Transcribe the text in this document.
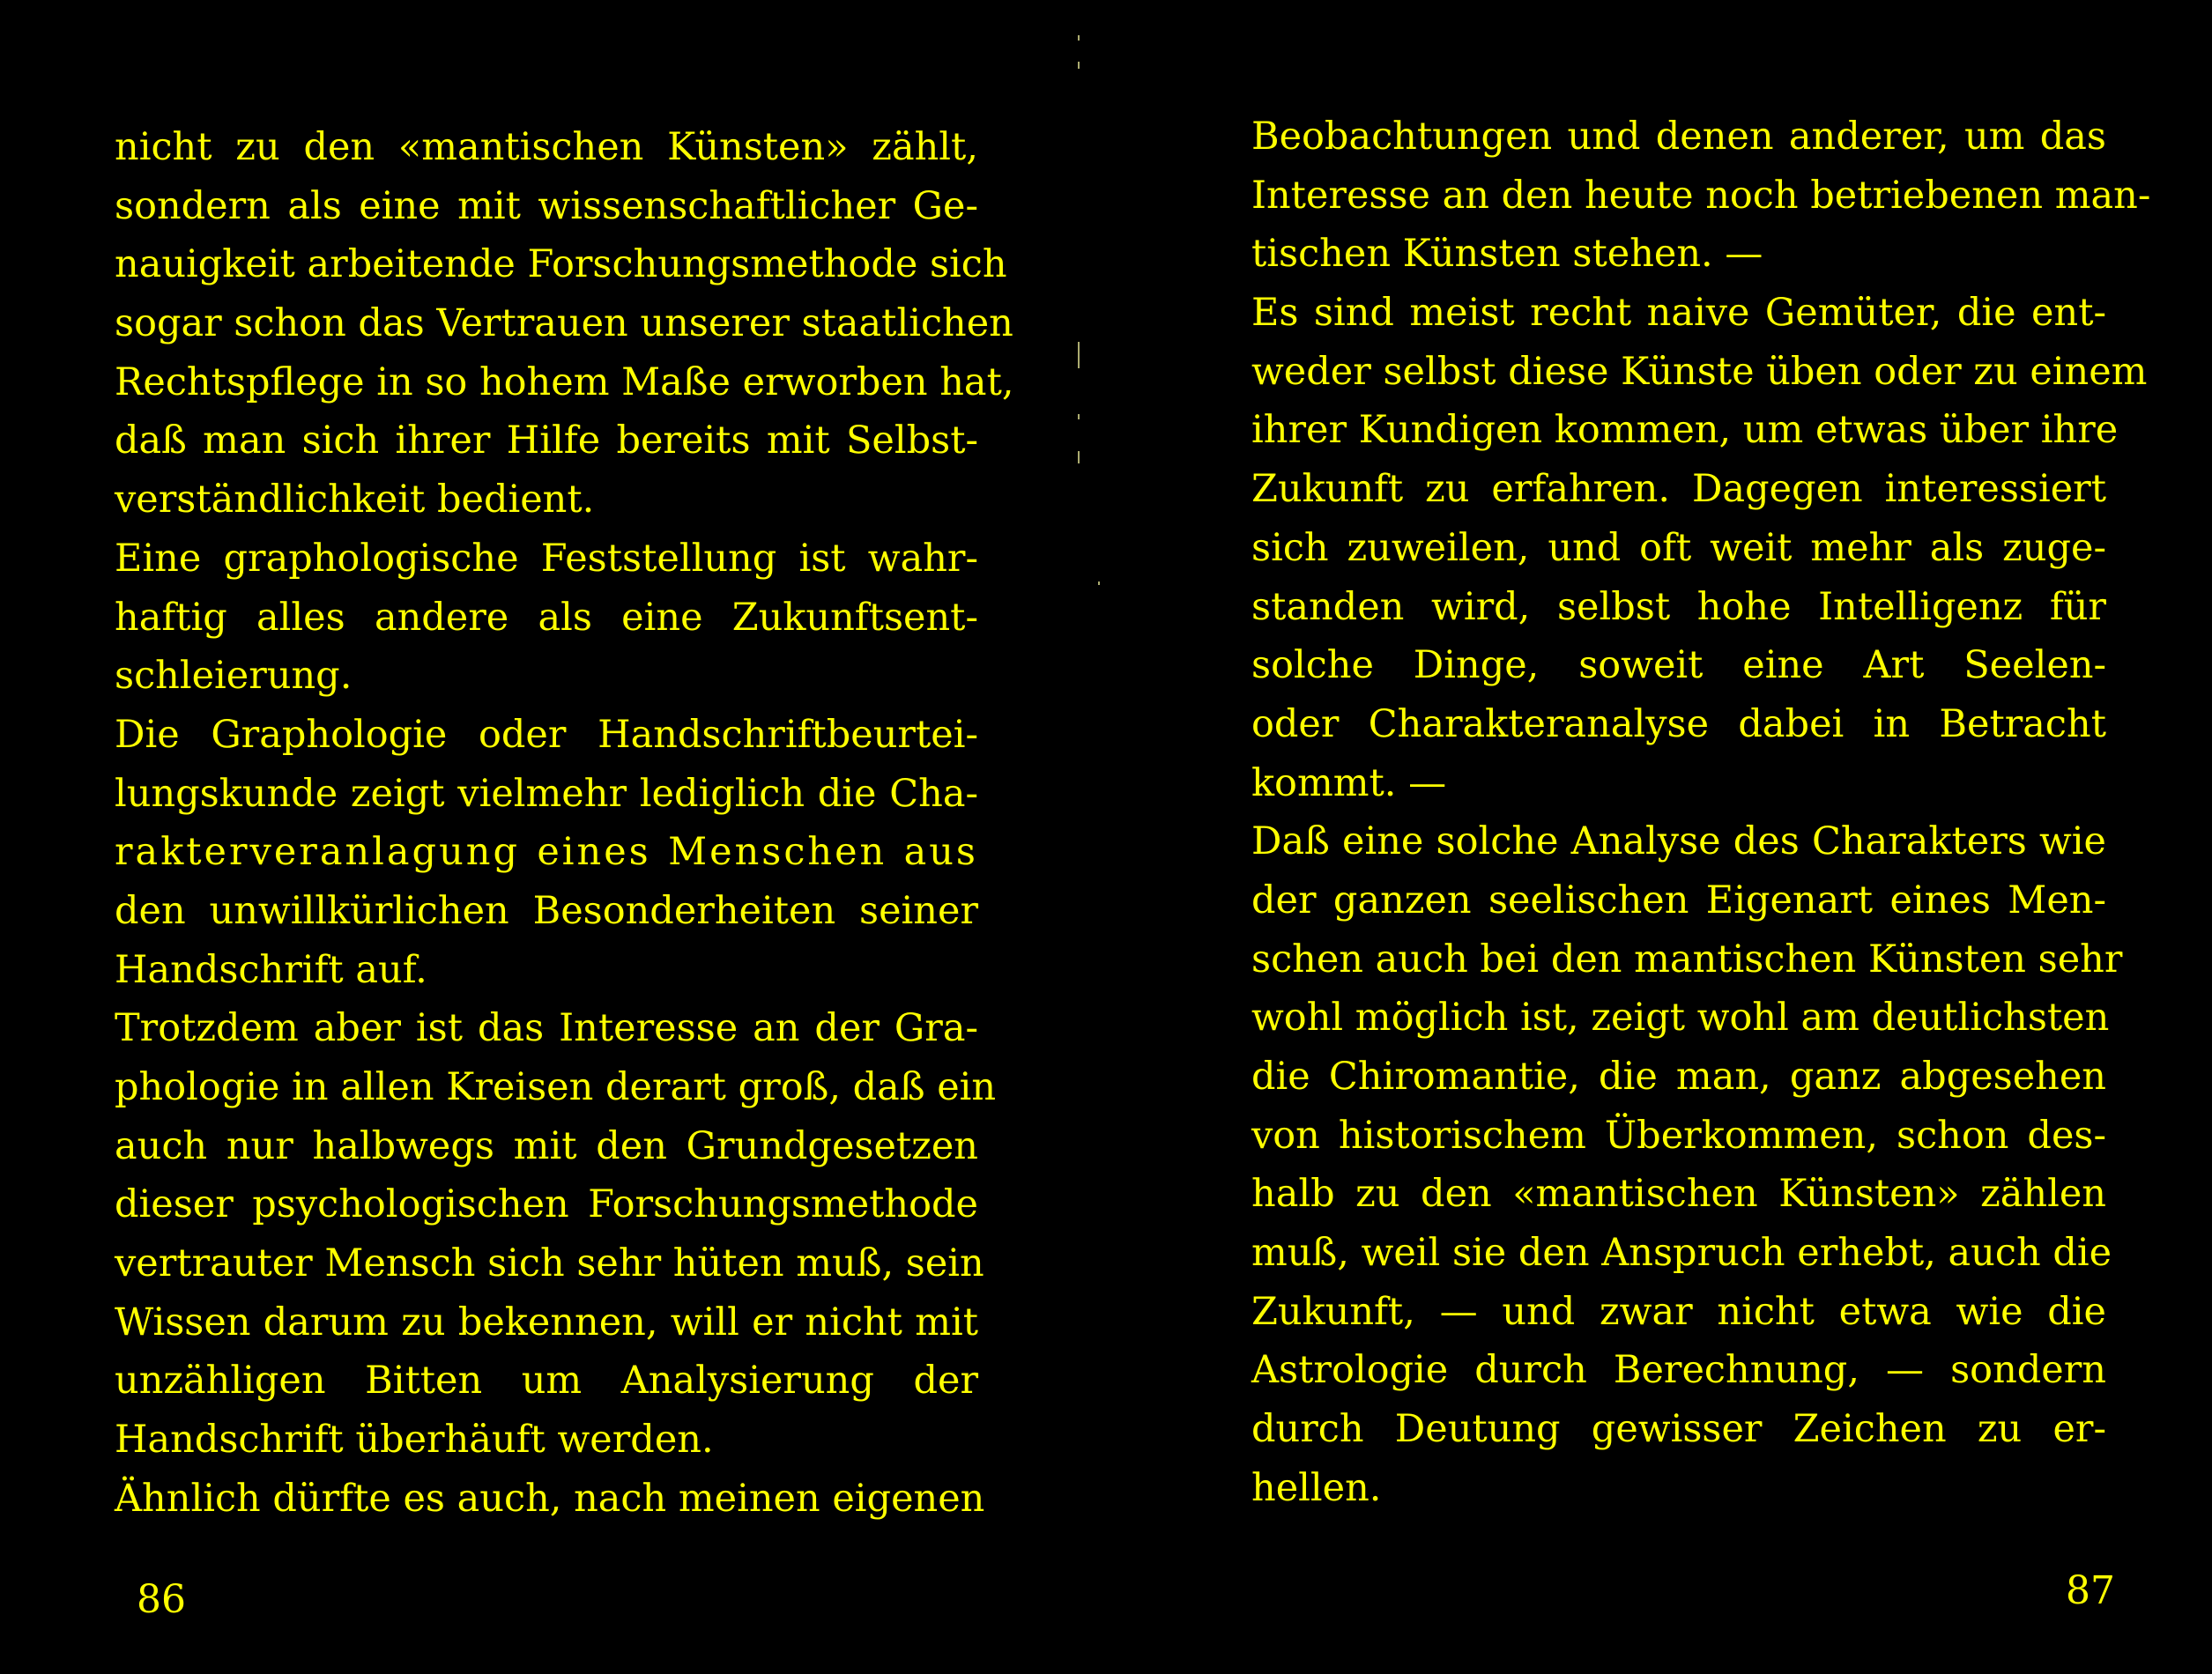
nicht zu den «mantischen Künsten» zählt,
sondern als eine mit wissenschaftlicher Ge-
nauigkeit arbeitende Forschungsmethode sich
sogar schon das Vertrauen unserer staatlichen
Rechtspflege in so hohem Maße erworben hat,
daß man sich ihrer Hilfe bereits mit Selbst-
verständlichkeit bedient.
Eine graphologische Feststellung ist wahr-
haftig alles andere als eine Zukunftsent-
schleierung.
Die Graphologie oder Handschriftbeurtei-
lungskunde zeigt vielmehr lediglich die Cha-
rakterveranlagung eines Menschen aus
den unwillkürlichen Besonderheiten seiner
Handschrift auf.
Trotzdem aber ist das Interesse an der Gra-
phologie in allen Kreisen derart groß, daß ein
auch nur halbwegs mit den Grundgesetzen
dieser psychologischen Forschungsmethode
vertrauter Mensch sich sehr hüten muß, sein
Wissen darum zu bekennen, will er nicht mit
unzähligen Bitten um Analysierung der
Handschrift überhäuft werden.
Ähnlich dürfte es auch, nach meinen eigenen
86
Beobachtungen und denen anderer, um das
Interesse an den heute noch betriebenen man-
tischen Künsten stehen. —
Es sind meist recht naive Gemüter, die ent-
weder selbst diese Künste üben oder zu einem
ihrer Kundigen kommen, um etwas über ihre
Zukunft zu erfahren. Dagegen interessiert
sich zuweilen, und oft weit mehr als zuge-
standen wird, selbst hohe Intelligenz für
solche Dinge, soweit eine Art Seelen-
oder Charakteranalyse dabei in Betracht
kommt. —
Daß eine solche Analyse des Charakters wie
der ganzen seelischen Eigenart eines Men-
schen auch bei den mantischen Künsten sehr
wohl möglich ist, zeigt wohl am deutlichsten
die Chiromantie, die man, ganz abgesehen
von historischem Überkommen, schon des-
halb zu den «mantischen Künsten» zählen
muß, weil sie den Anspruch erhebt, auch die
Zukunft, — und zwar nicht etwa wie die
Astrologie durch Berechnung, — sondern
durch Deutung gewisser Zeichen zu er-
hellen.
87
